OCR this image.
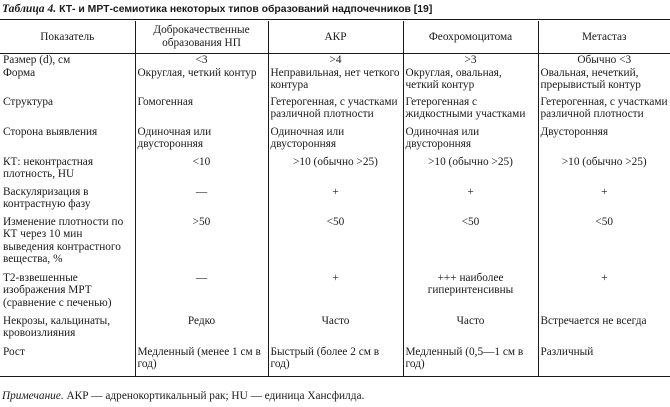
Таблица 4. КТ- и МРТ-семиотика некоторых типов образований надпочечников [19]
Показатель	Доброкачественные образования НП	АКР	Феохромоцитома	Метастаз
Размер (d), см	<3	>4	>3	Обычно <3
Форма	Округлая, четкий контур	Неправильная, нет четкого контура	Округлая, овальная, четкий контур	Овальная, нечеткий, прерывистый контур
Структура	Гомогенная	Гетерогенная, с участками различной плотности	Гетерогенная с жидкостными участками	Гетерогенная, с участками различной плотности
Сторона выявления	Одиночная или двусторонняя	Одиночная или двусторонняя	Одиночная или двусторонняя	Двусторонняя
КТ: неконтрастная плотность, HU	<10	>10 (обычно >25)	>10 (обычно >25)	>10 (обычно >25)
Васкуляризация в контрастную фазу	—	+	+	+
Изменение плотности по КТ через 10 мин выведения контрастного вещества, %	>50	<50	<50	<50
Т2-взвешенные изображения МРТ (сравнение с печенью)	—	+	+++ наиболее гиперинтенсивны	+
Некрозы, кальцинаты, кровоизлияния	Редко	Часто	Часто	Встречается не всегда
Рост	Медленный (менее 1 см в год)	Быстрый (более 2 см в год)	Медленный (0,5—1 см в год)	Различный
Примечание. АКР — адренокортикальный рак; HU — единица Хансфилда.
